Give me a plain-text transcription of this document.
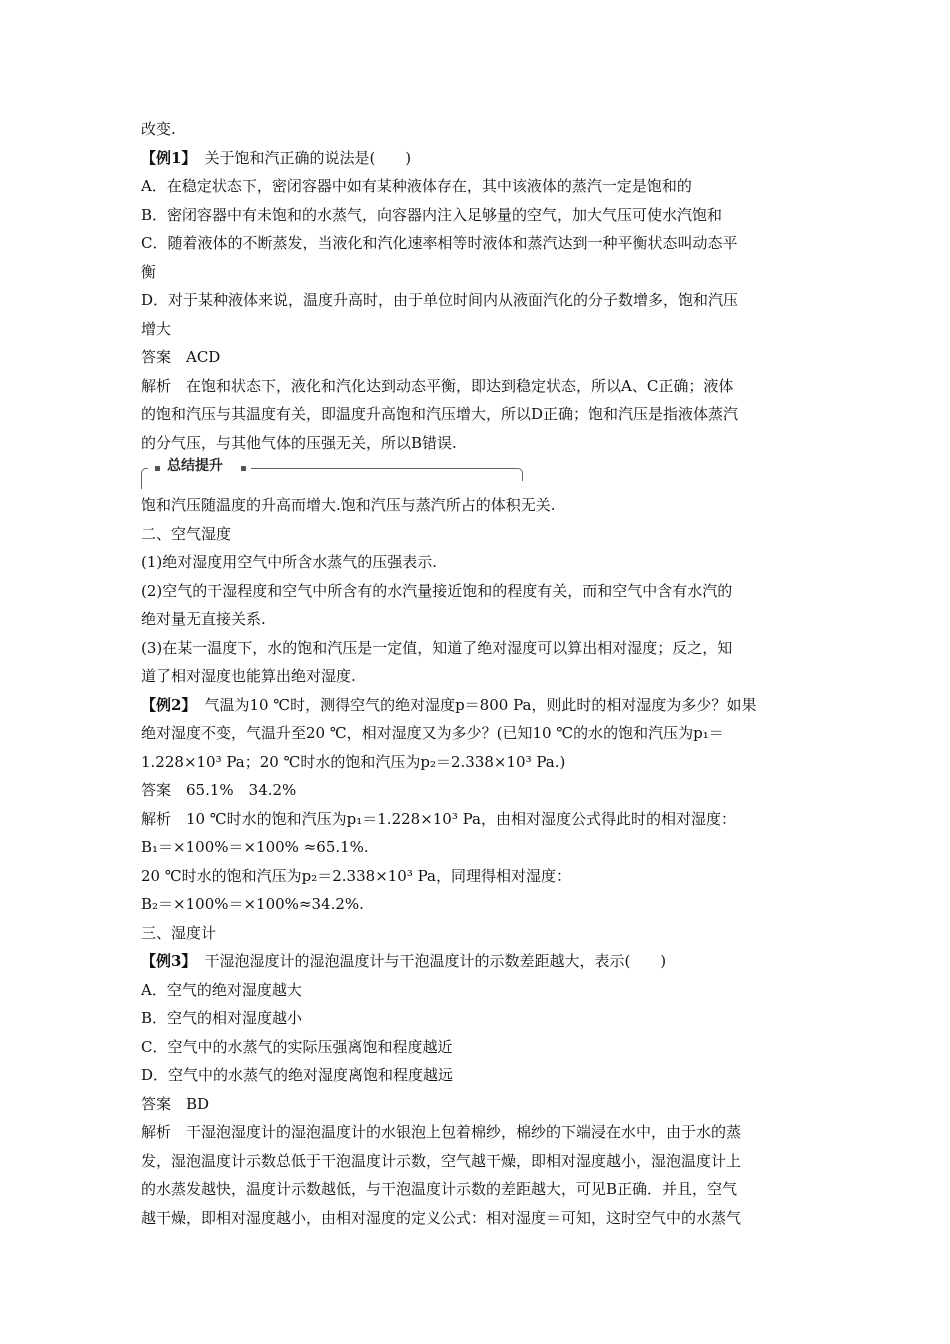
改变.
【例1】 关于饱和汽正确的说法是(　　)
A．在稳定状态下，密闭容器中如有某种液体存在，其中该液体的蒸汽一定是饱和的
B．密闭容器中有未饱和的水蒸气，向容器内注入足够量的空气，加大气压可使水汽饱和
C．随着液体的不断蒸发，当液化和汽化速率相等时液体和蒸汽达到一种平衡状态叫动态平
衡
D．对于某种液体来说，温度升高时，由于单位时间内从液面汽化的分子数增多，饱和汽压
增大
答案　ACD
解析　在饱和状态下，液化和汽化达到动态平衡，即达到稳定状态，所以A、C正确；液体
的饱和汽压与其温度有关，即温度升高饱和汽压增大，所以D正确；饱和汽压是指液体蒸汽
的分气压，与其他气体的压强无关，所以B错误.
总结提升
饱和汽压随温度的升高而增大.饱和汽压与蒸汽所占的体积无关.
二、空气湿度
(1)绝对湿度用空气中所含水蒸气的压强表示.
(2)空气的干湿程度和空气中所含有的水汽量接近饱和的程度有关，而和空气中含有水汽的
绝对量无直接关系.
(3)在某一温度下，水的饱和汽压是一定值，知道了绝对湿度可以算出相对湿度；反之，知
道了相对湿度也能算出绝对湿度.
【例2】 气温为10 ℃时，测得空气的绝对湿度p＝800 Pa，则此时的相对湿度为多少？如果
绝对湿度不变，气温升至20 ℃，相对湿度又为多少？(已知10 ℃的水的饱和汽压为p₁＝
1.228×10³ Pa；20 ℃时水的饱和汽压为p₂＝2.338×10³ Pa.)
答案　65.1%　34.2%
解析　10 ℃时水的饱和汽压为p₁＝1.228×10³ Pa，由相对湿度公式得此时的相对湿度：
B₁＝×100%＝×100% ≈65.1%.
20 ℃时水的饱和汽压为p₂＝2.338×10³ Pa，同理得相对湿度：
B₂＝×100%＝×100%≈34.2%.
三、湿度计
【例3】 干湿泡湿度计的湿泡温度计与干泡温度计的示数差距越大，表示(　　)
A．空气的绝对湿度越大
B．空气的相对湿度越小
C．空气中的水蒸气的实际压强离饱和程度越近
D．空气中的水蒸气的绝对湿度离饱和程度越远
答案　BD
解析　干湿泡湿度计的湿泡温度计的水银泡上包着棉纱，棉纱的下端浸在水中，由于水的蒸
发，湿泡温度计示数总低于干泡温度计示数，空气越干燥，即相对湿度越小，湿泡温度计上
的水蒸发越快，温度计示数越低，与干泡温度计示数的差距越大，可见B正确．并且，空气
越干燥，即相对湿度越小，由相对湿度的定义公式：相对湿度＝可知，这时空气中的水蒸气
